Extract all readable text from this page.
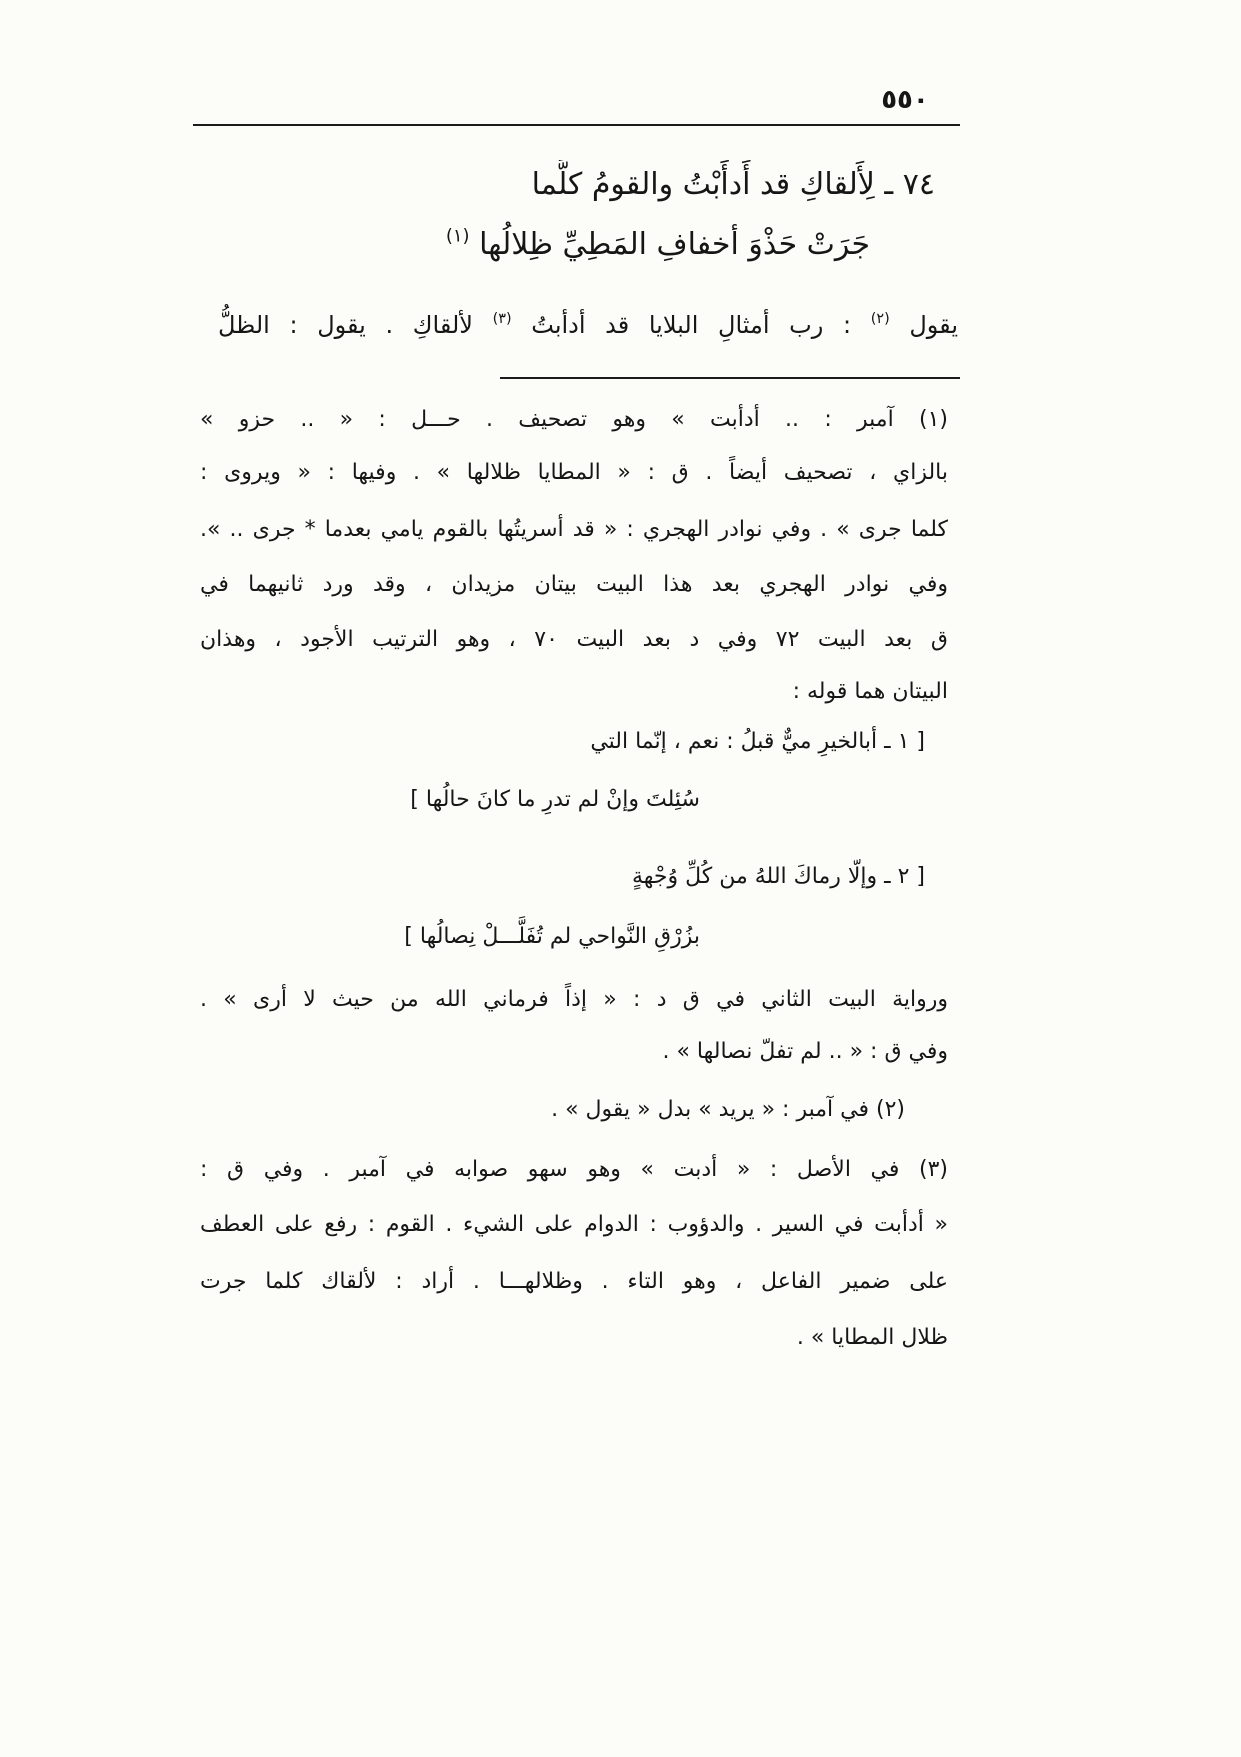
٥٥٠
٧٤ ـ لِأَلقاكِ قد أَدأَبْتُ والقومُ كلَّما
جَرَتْ حَذْوَ أخفافِ المَطِيِّ ظِلالُها $^{(١)}$
يقول $^{(٢)}$ : رب أمثالِ البلايا قد أدأبتُ $^{(٣)}$ لألقاكِ . يقول : الظلُّ
(١) آمبر : .. أدأبت » وهو تصحيف . حـــل : « .. حزو »
بالزاي ، تصحيف أيضاً . ق : « المطايا ظلالها » . وفيها : « ويروى :
كلما جرى » . وفي نوادر الهجري : « قد أسريتُها بالقوم يامي بعدما * جرى .. ».
وفي نوادر الهجري بعد هذا البيت بيتان مزيدان ، وقد ورد ثانيهما في
ق بعد البيت ٧٢ وفي د بعد البيت ٧٠ ، وهو الترتيب الأجود ، وهذان
البيتان هما قوله :
[ ١ ـ أبالخيرِ ميٌّ قبلُ : نعم ، إنّما التي
سُئِلتَ وإنْ لم تدرِ ما كانَ حالُها ]
[ ٢ ـ وإلّا رماكَ اللهُ من كُلِّ وُجْهةٍ
بزُرْقِ النَّواحي لم تُفَلَّـــلْ نِصالُها ]
ورواية البيت الثاني في ق د : « إذاً فرماني الله من حيث لا أرى » .
وفي ق : « .. لم تفلّ نصالها » .
(٢) في آمبر : « يريد » بدل « يقول » .
(٣) في الأصل : « أدبت » وهو سهو صوابه في آمبر . وفي ق :
« أدأبت في السير . والدؤوب : الدوام على الشيء . القوم : رفع على العطف
على ضمير الفاعل ، وهو التاء . وظلالهـــا . أراد : لألقاك كلما جرت
ظلال المطايا » .
